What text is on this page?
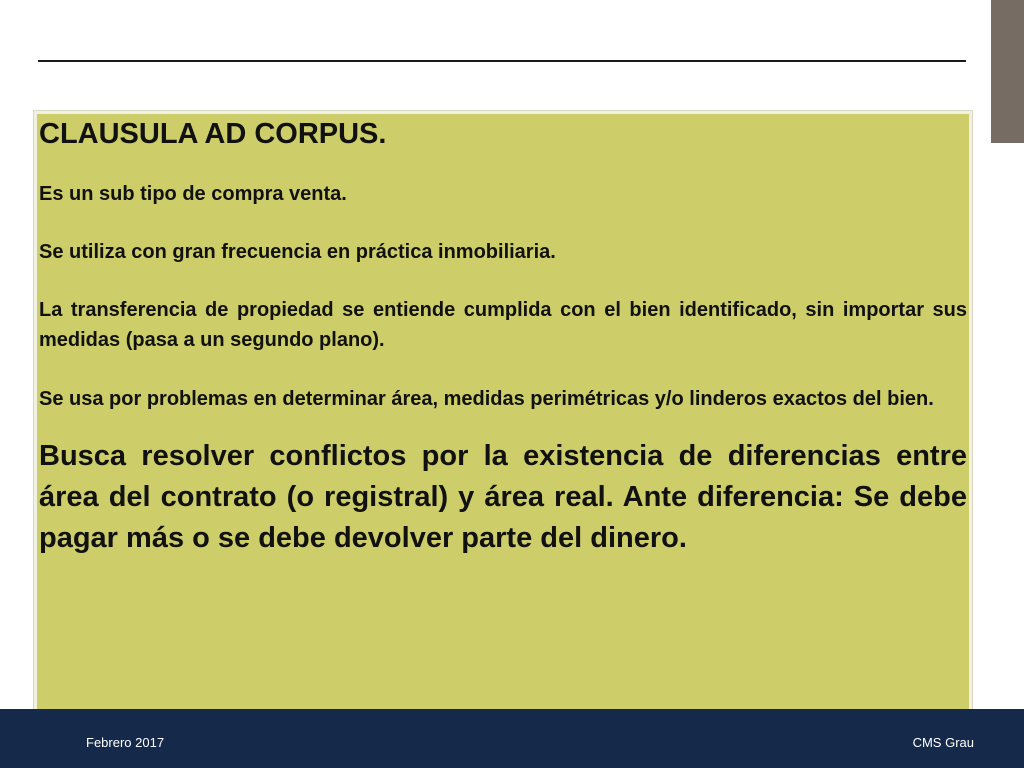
CLAUSULA AD CORPUS.

Es un sub tipo de compra venta.

Se utiliza con gran frecuencia en práctica inmobiliaria.

La transferencia de propiedad se entiende cumplida con el bien identificado, sin importar sus medidas (pasa a un segundo plano).

Se usa por problemas en determinar área, medidas perimétricas y/o linderos exactos del bien.

Busca resolver conflictos por la existencia de diferencias entre área del contrato (o registral) y área real. Ante diferencia: Se debe pagar más o se debe devolver parte del dinero.

Febrero 2017	CMS Grau
